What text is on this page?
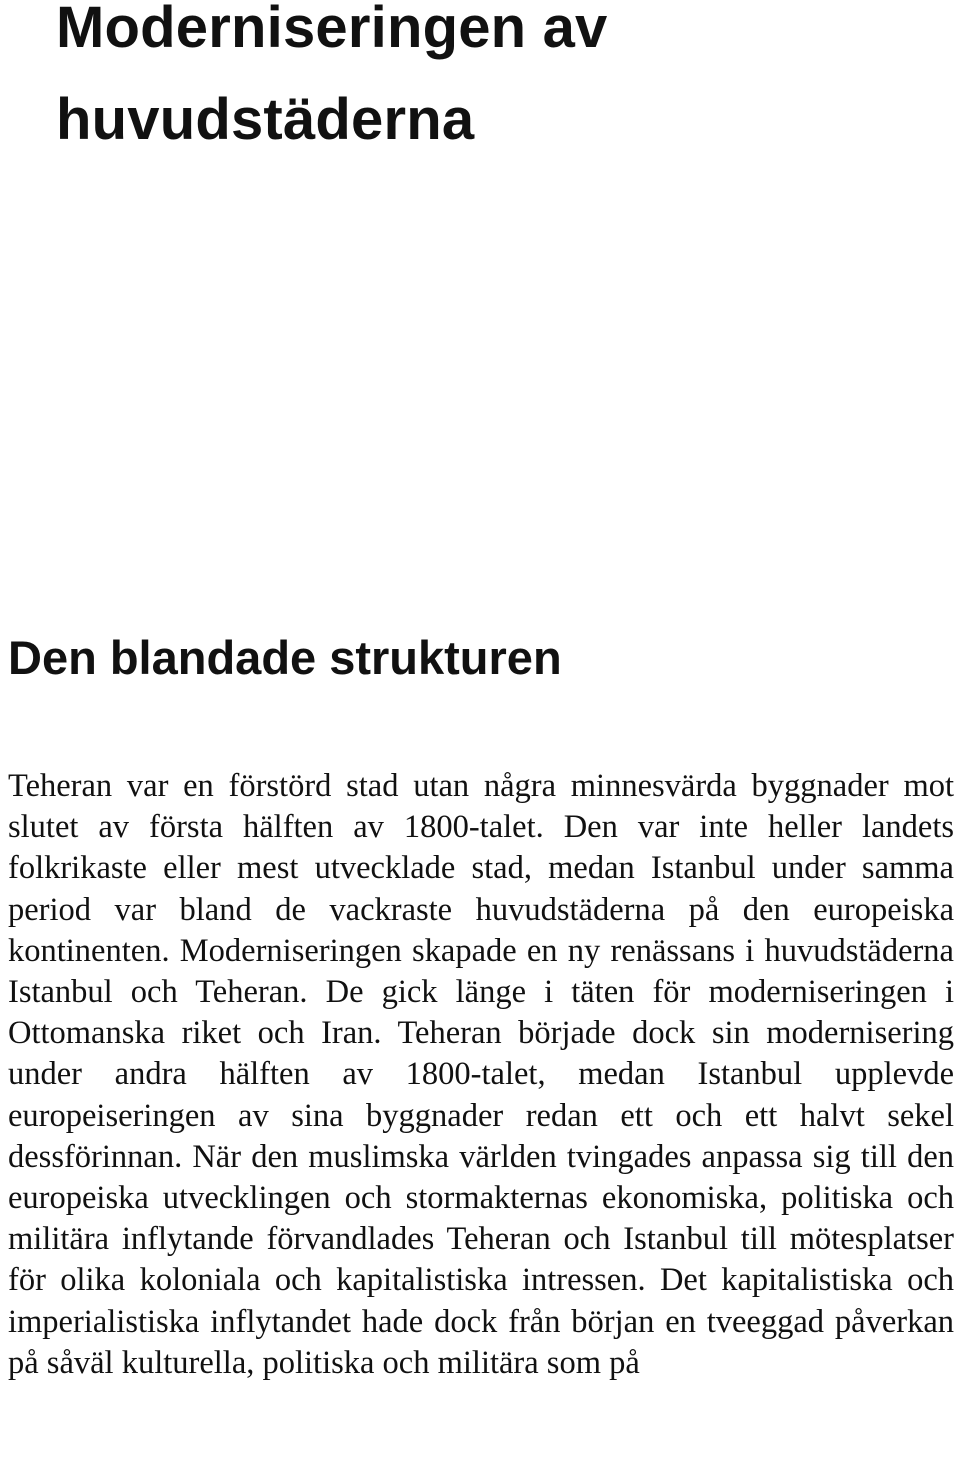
Moderniseringen av huvudstäderna
Den blandade strukturen

Teheran var en förstörd stad utan några minnesvärda byggnader mot slutet av första hälften av 1800-talet. Den var inte heller landets folkrikaste eller mest utvecklade stad, medan Istanbul under samma period var bland de vackraste huvudstäderna på den europeiska kontinenten. Moderniseringen skapade en ny renässans i huvudstäderna Istanbul och Teheran. De gick länge i täten för moderniseringen i Ottomanska riket och Iran. Teheran började dock sin modernisering under andra hälften av 1800-talet, medan Istanbul upplevde europeiseringen av sina byggnader redan ett och ett halvt sekel dessförinnan. När den muslimska världen tvingades anpassa sig till den europeiska utvecklingen och stormakternas ekonomiska, politiska och militära inflytande förvandlades Teheran och Istanbul till mötesplatser för olika koloniala och kapitalistiska intressen. Det kapitalistiska och imperialistiska inflytandet hade dock från början en tveeggad påverkan på såväl kulturella, politiska och militära som på
